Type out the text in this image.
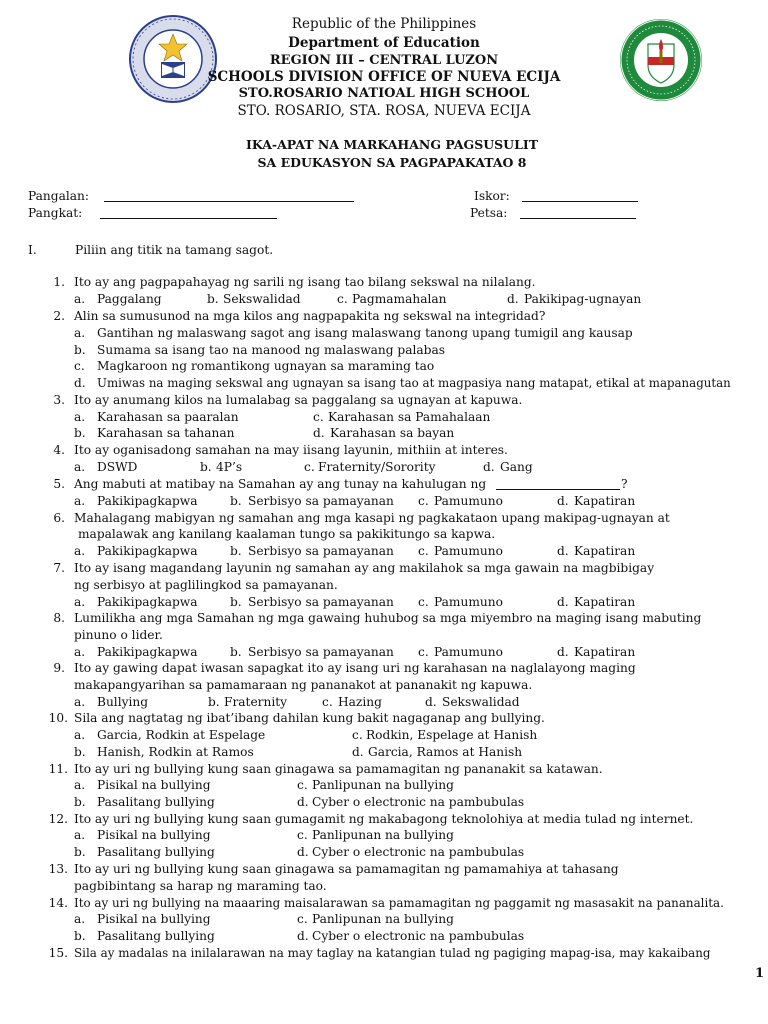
Republic of the Philippines
Department of Education
REGION III – CENTRAL LUZON
SCHOOLS DIVISION OFFICE OF NUEVA ECIJA
STO.ROSARIO NATIOAL HIGH SCHOOL
STO. ROSARIO, STA. ROSA, NUEVA ECIJA
IKA-APAT NA MARKAHANG PAGSUSULIT
SA EDUKASYON SA PAGPAPAKATAO 8
Pangalan:	Iskor:
Pangkat:	Petsa:
I.	Piliin ang titik na tamang sagot.
1. Ito ay ang pagpapahayag ng sarili ng isang tao bilang sekswal na nilalang.
a. Paggalang	b. Sekswalidad	c. Pagmamahalan	d. Pakikipag-ugnayan
2. Alin sa sumusunod na mga kilos ang nagpapakita ng sekswal na integridad?
a. Gantihan ng malaswang sagot ang isang malaswang tanong upang tumigil ang kausap
b. Sumama sa isang tao na manood ng malaswang palabas
c. Magkaroon ng romantikong ugnayan sa maraming tao
d. Umiwas na maging sekswal ang ugnayan sa isang tao at magpasiya nang matapat, etikal at mapanagutan
3. Ito ay anumang kilos na lumalabag sa paggalang sa ugnayan at kapuwa.
a. Karahasan sa paaralan	c. Karahasan sa Pamahalaan
b. Karahasan sa tahanan	d. Karahasan sa bayan
4. Ito ay oganisadong samahan na may iisang layunin, mithiin at interes.
a. DSWD	b. 4P’s	c. Fraternity/Sorority	d. Gang
5. Ang mabuti at matibay na Samahan ay ang tunay na kahulugan ng	?
a. Pakikipagkapwa	b. Serbisyo sa pamayanan c. Pamumuno	d. Kapatiran
6. Mahalagang mabigyan ng samahan ang mga kasapi ng pagkakataon upang makipag-ugnayan at
mapalawak ang kanilang kaalaman tungo sa pakikitungo sa kapwa.
a. Pakikipagkapwa	b. Serbisyo sa pamayanan c. Pamumuno	d. Kapatiran
7. Ito ay isang magandang layunin ng samahan ay ang makilahok sa mga gawain na magbibigay
ng serbisyo at paglilingkod sa pamayanan.
a. Pakikipagkapwa	b. Serbisyo sa pamayanan c. Pamumuno	d. Kapatiran
8. Lumilikha ang mga Samahan ng mga gawaing huhubog sa mga miyembro na maging isang mabuting
pinuno o lider.
a. Pakikipagkapwa	b. Serbisyo sa pamayanan c. Pamumuno	d. Kapatiran
9. Ito ay gawing dapat iwasan sapagkat ito ay isang uri ng karahasan na naglalayong maging
makapangyarihan sa pamamaraan ng pananakot at pananakit ng kapuwa.
a. Bullying	b. Fraternity	c. Hazing	d. Sekswalidad
10. Sila ang nagtatag ng ibat’ibang dahilan kung bakit nagaganap ang bullying.
a. Garcia, Rodkin at Espelage	c. Rodkin, Espelage at Hanish
b. Hanish, Rodkin at Ramos	d. Garcia, Ramos at Hanish
11. Ito ay uri ng bullying kung saan ginagawa sa pamamagitan ng pananakit sa katawan.
a. Pisikal na bullying	c. Panlipunan na bullying
b. Pasalitang bullying	d. Cyber o electronic na pambubulas
12. Ito ay uri ng bullying kung saan gumagamit ng makabagong teknolohiya at media tulad ng internet.
a. Pisikal na bullying	c. Panlipunan na bullying
b. Pasalitang bullying	d. Cyber o electronic na pambubulas
13. Ito ay uri ng bullying kung saan ginagawa sa pamamagitan ng pamamahiya at tahasang
pagbibintang sa harap ng maraming tao.
14. Ito ay uri ng bullying na maaaring maisalarawan sa pamamagitan ng paggamit ng masasakit na pananalita.
a. Pisikal na bullying	c. Panlipunan na bullying
b. Pasalitang bullying	d. Cyber o electronic na pambubulas
15. Sila ay madalas na inilalarawan na may taglay na katangian tulad ng pagiging mapag-isa, may kakaibang
1
